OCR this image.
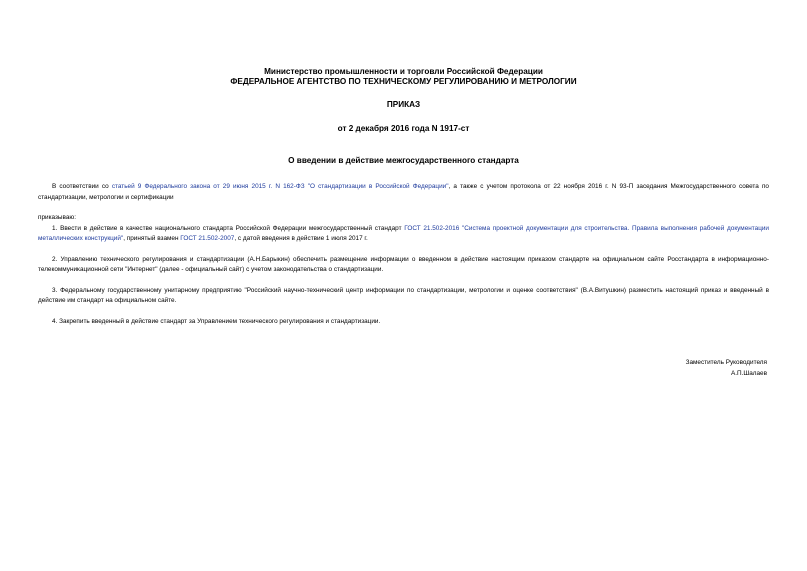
Министерство промышленности и торговли Российской Федерации
ФЕДЕРАЛЬНОЕ АГЕНТСТВО ПО ТЕХНИЧЕСКОМУ РЕГУЛИРОВАНИЮ И МЕТРОЛОГИИ
ПРИКАЗ
от 2 декабря 2016 года N 1917-ст
О введении в действие межгосударственного стандарта

В соответствии со статьей 9 Федерального закона от 29 июня 2015 г. N 162-ФЗ "О стандартизации в Российской Федерации", а также с учетом протокола от 22 ноября 2016 г. N 93-П заседания Межгосударственного совета по стандартизации, метрологии и сертификации

приказываю:

1. Ввести в действие в качестве национального стандарта Российской Федерации межгосударственный стандарт ГОСТ 21.502-2016 "Система проектной документации для строительства. Правила выполнения рабочей документации металлических конструкций", принятый взамен ГОСТ 21.502-2007, с датой введения в действие 1 июля 2017 г.

2. Управлению технического регулирования и стандартизации (А.Н.Барыкин) обеспечить размещение информации о введенном в действие настоящим приказом стандарте на официальном сайте Росстандарта в информационно-телекоммуникационной сети "Интернет" (далее - официальный сайт) с учетом законодательства о стандартизации.

3. Федеральному государственному унитарному предприятию "Российский научно-технический центр информации по стандартизации, метрологии и оценке соответствия" (В.А.Витушкин) разместить настоящий приказ и введенный в действие им стандарт на официальном сайте.

4. Закрепить введенный в действие стандарт за Управлением технического регулирования и стандартизации.

Заместитель Руководителя
А.П.Шалаев
